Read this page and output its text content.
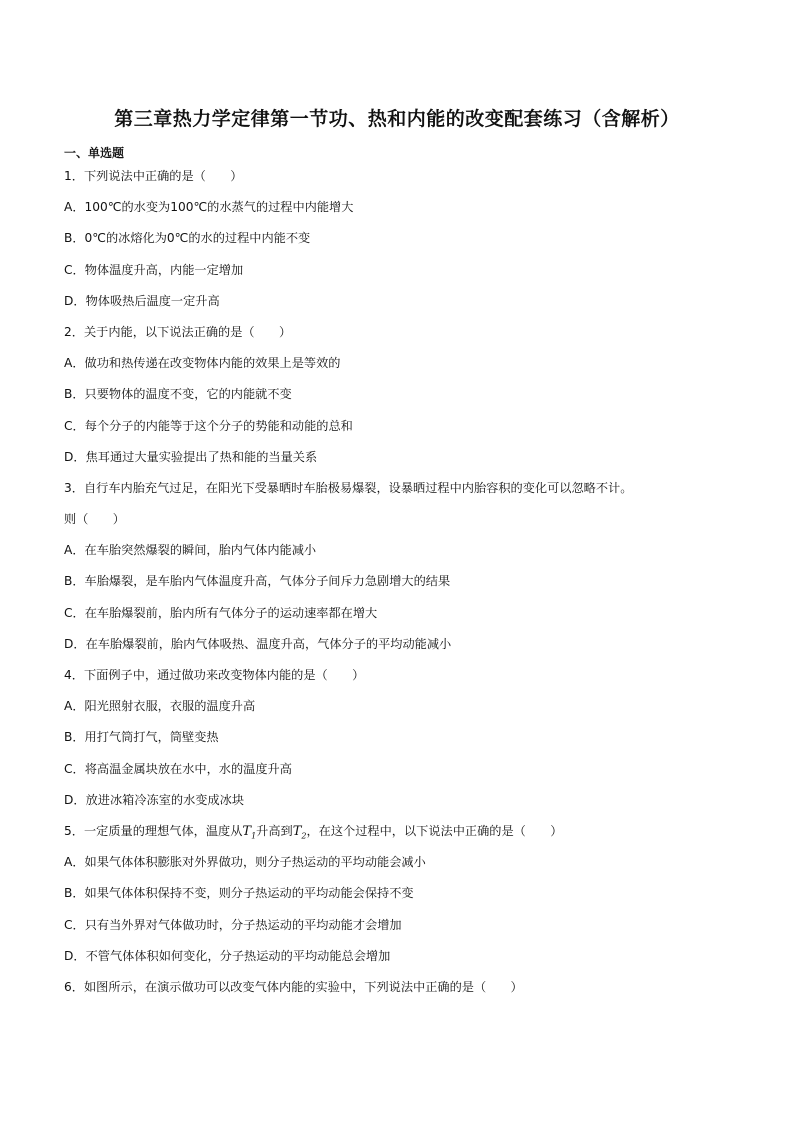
第三章热力学定律第一节功、热和内能的改变配套练习（含解析）
一、单选题
1．下列说法中正确的是（　　）
A．100℃的水变为100℃的水蒸气的过程中内能增大
B．0℃的冰熔化为0℃的水的过程中内能不变
C．物体温度升高，内能一定增加
D．物体吸热后温度一定升高
2．关于内能，以下说法正确的是（　　）
A．做功和热传递在改变物体内能的效果上是等效的
B．只要物体的温度不变，它的内能就不变
C．每个分子的内能等于这个分子的势能和动能的总和
D．焦耳通过大量实验提出了热和能的当量关系
3．自行车内胎充气过足，在阳光下受暴晒时车胎极易爆裂，设暴晒过程中内胎容积的变化可以忽略不计。
则（　　）
A．在车胎突然爆裂的瞬间，胎内气体内能减小
B．车胎爆裂，是车胎内气体温度升高，气体分子间斥力急剧增大的结果
C．在车胎爆裂前，胎内所有气体分子的运动速率都在增大
D．在车胎爆裂前，胎内气体吸热、温度升高，气体分子的平均动能减小
4．下面例子中，通过做功来改变物体内能的是（　　）
A．阳光照射衣服，衣服的温度升高
B．用打气筒打气，筒壁变热
C．将高温金属块放在水中，水的温度升高
D．放进冰箱冷冻室的水变成冰块
5．一定质量的理想气体，温度从$T_1$升高到$T_2$，在这个过程中，以下说法中正确的是（　　）
A．如果气体体积膨胀对外界做功，则分子热运动的平均动能会减小
B．如果气体体积保持不变，则分子热运动的平均动能会保持不变
C．只有当外界对气体做功时，分子热运动的平均动能才会增加
D．不管气体体积如何变化，分子热运动的平均动能总会增加
6．如图所示，在演示做功可以改变气体内能的实验中，下列说法中正确的是（　　）
